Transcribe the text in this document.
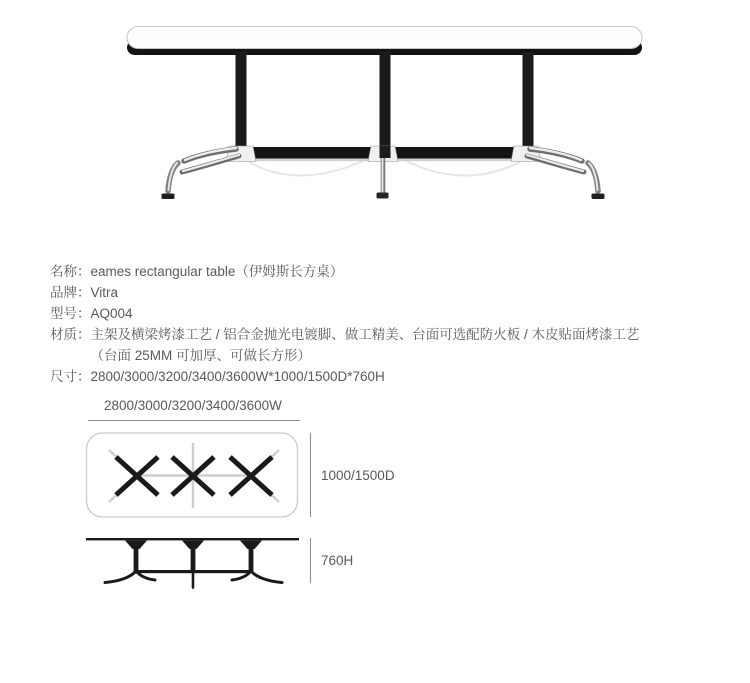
名称： eames rectangular table（伊姆斯长方桌）
品牌： Vitra
型号： AQ004
材质： 主架及横梁烤漆工艺 / 铝合金抛光电镀脚、做工精美、台面可选配防火板 / 木皮贴面烤漆工艺
（台面 25MM 可加厚、可做长方形）
尺寸： 2800/3000/3200/3400/3600W*1000/1500D*760H
2800/3000/3200/3400/3600W
1000/1500D
760H
